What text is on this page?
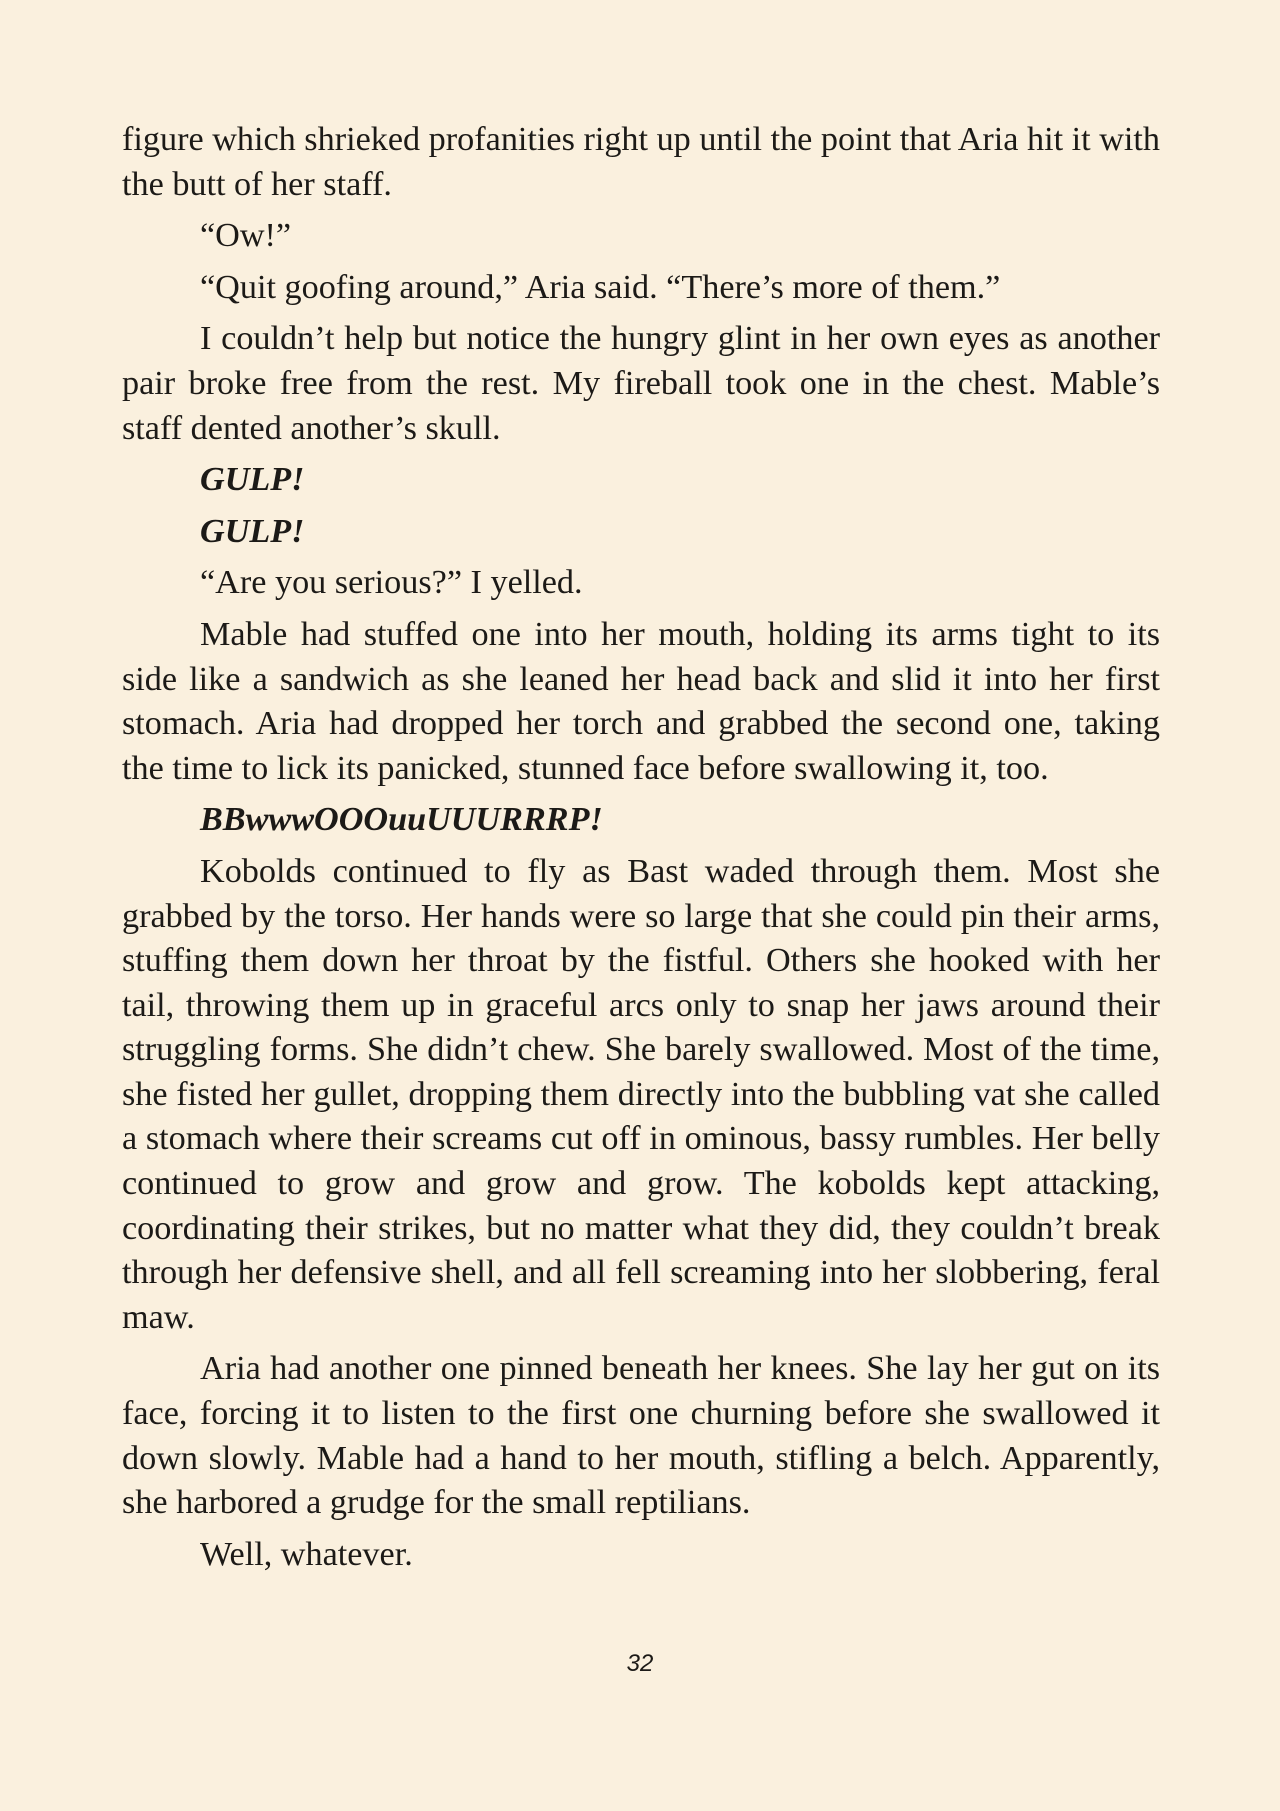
figure which shrieked profanities right up until the point that Aria hit it with the butt of her staff.

“Ow!”

“Quit goofing around,” Aria said. “There’s more of them.”

I couldn’t help but notice the hungry glint in her own eyes as another pair broke free from the rest. My fireball took one in the chest. Mable’s staff dented another’s skull.

GULP!

GULP!

“Are you serious?” I yelled.

Mable had stuffed one into her mouth, holding its arms tight to its side like a sandwich as she leaned her head back and slid it into her first stomach. Aria had dropped her torch and grabbed the second one, taking the time to lick its panicked, stunned face before swallowing it, too.

BBwwwOOOuuUUURRRP!

Kobolds continued to fly as Bast waded through them. Most she grabbed by the torso. Her hands were so large that she could pin their arms, stuffing them down her throat by the fistful. Others she hooked with her tail, throwing them up in graceful arcs only to snap her jaws around their struggling forms. She didn’t chew. She barely swallowed. Most of the time, she fisted her gullet, dropping them directly into the bubbling vat she called a stomach where their screams cut off in ominous, bassy rumbles. Her belly continued to grow and grow and grow. The kobolds kept attacking, coordinating their strikes, but no matter what they did, they couldn’t break through her defensive shell, and all fell screaming into her slobbering, feral maw.

Aria had another one pinned beneath her knees. She lay her gut on its face, forcing it to listen to the first one churning before she swallowed it down slowly. Mable had a hand to her mouth, stifling a belch. Apparently, she harbored a grudge for the small reptilians.

Well, whatever.

32
